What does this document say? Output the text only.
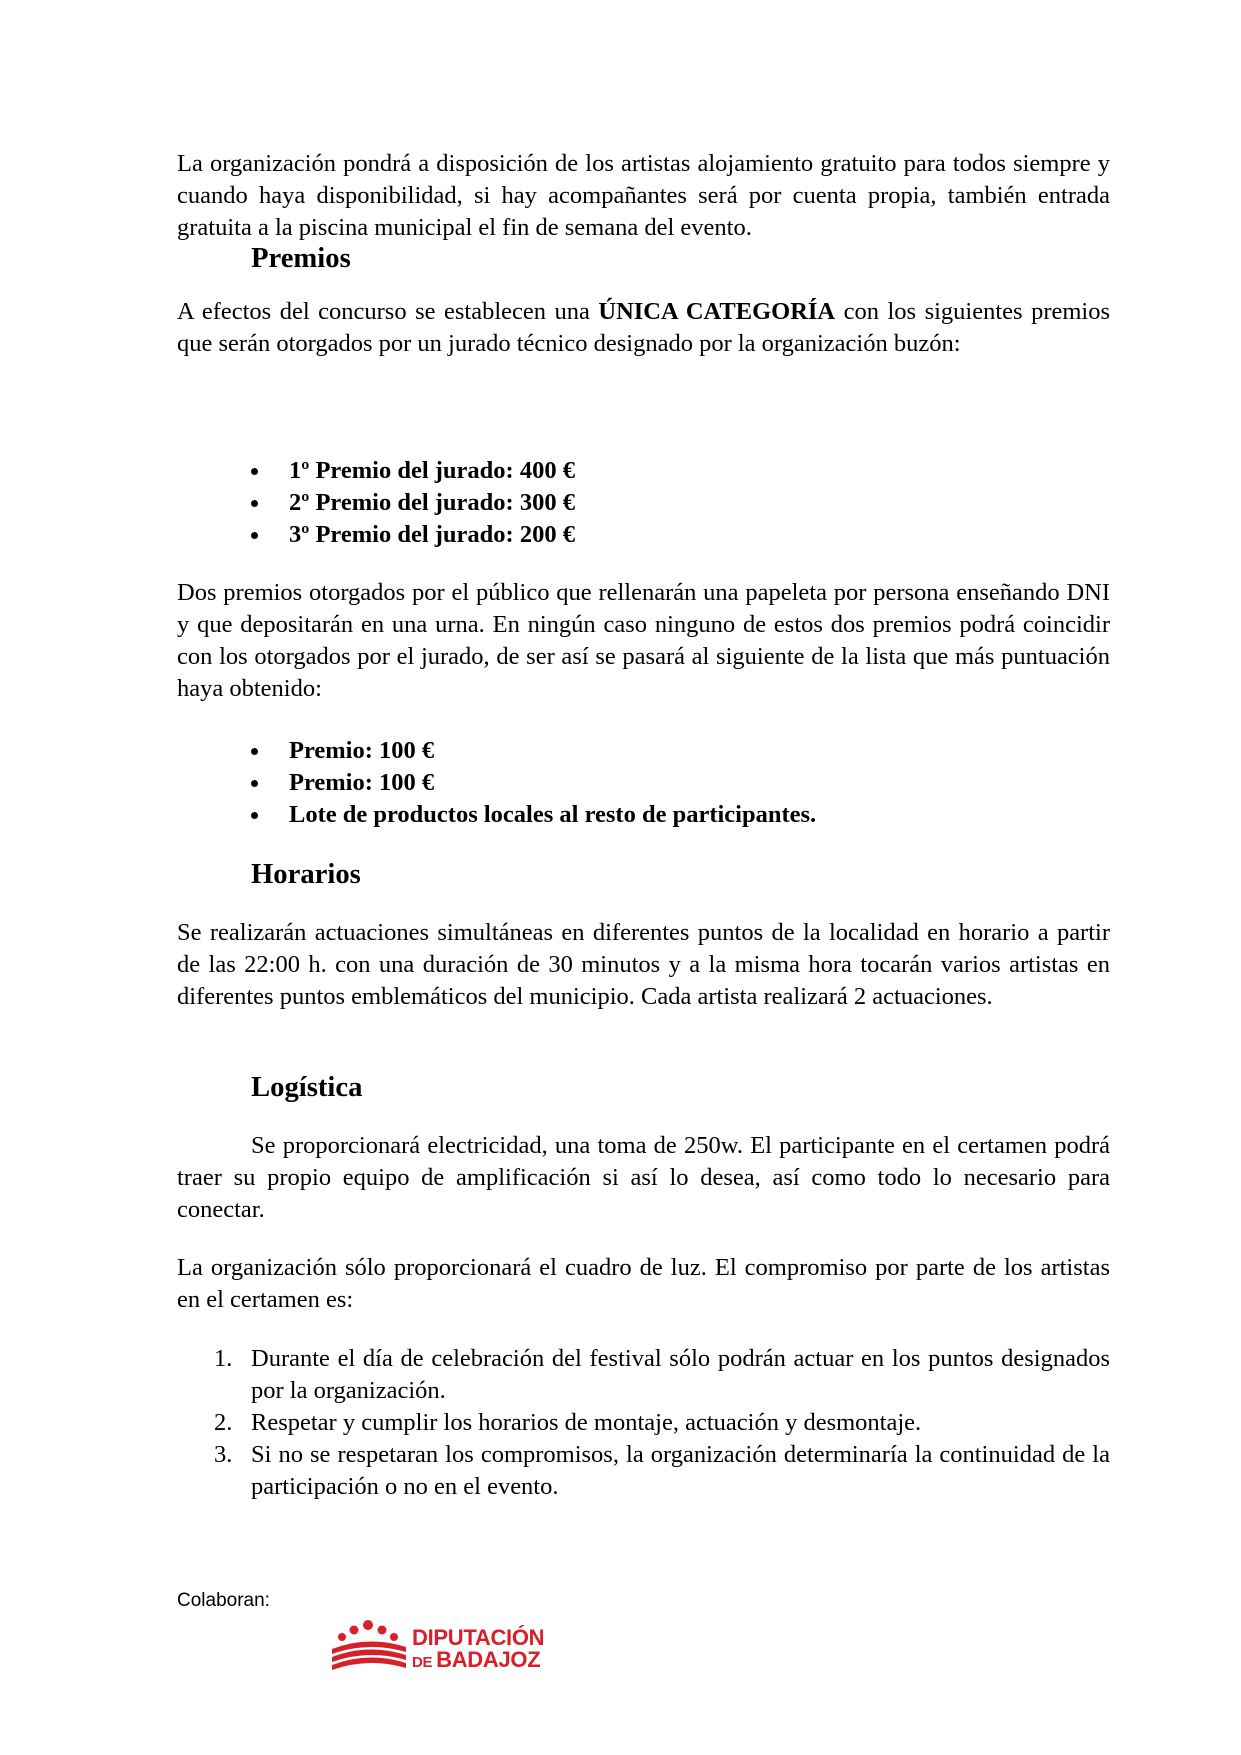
La organización pondrá a disposición de los artistas alojamiento gratuito para todos siempre y cuando haya disponibilidad, si hay acompañantes será por cuenta propia, también entrada gratuita a la piscina municipal el fin de semana del evento.

Premios

A efectos del concurso se establecen una ÚNICA CATEGORÍA con los siguientes premios que serán otorgados por un jurado técnico designado por la organización buzón:

1º Premio del jurado: 400 €
2º Premio del jurado: 300 €
3º Premio del jurado: 200 €

Dos premios otorgados por el público que rellenarán una papeleta por persona enseñando DNI y que depositarán en una urna. En ningún caso ninguno de estos dos premios podrá coincidir con los otorgados por el jurado, de ser así se pasará al siguiente de la lista que más puntuación haya obtenido:

Premio: 100 €
Premio: 100 €
Lote de productos locales al resto de participantes.
Horarios

Se realizarán actuaciones simultáneas en diferentes puntos de la localidad en horario a partir de las 22:00 h. con una duración de 30 minutos y a la misma hora tocarán varios artistas en diferentes puntos emblemáticos del municipio. Cada artista realizará 2 actuaciones.

Logística

Se proporcionará electricidad, una toma de 250w. El participante en el certamen podrá traer su propio equipo de amplificación si así lo desea, así como todo lo necesario para conectar.

La organización sólo proporcionará el cuadro de luz. El compromiso por parte de los artistas en el certamen es:

1. Durante el día de celebración del festival sólo podrán actuar en los puntos designados por la organización.
2. Respetar y cumplir los horarios de montaje, actuación y desmontaje.
3. Si no se respetaran los compromisos, la organización determinaría la continuidad de la participación o no en el evento.
Colaboran:
DIPUTACIÓN
DE BADAJOZ
